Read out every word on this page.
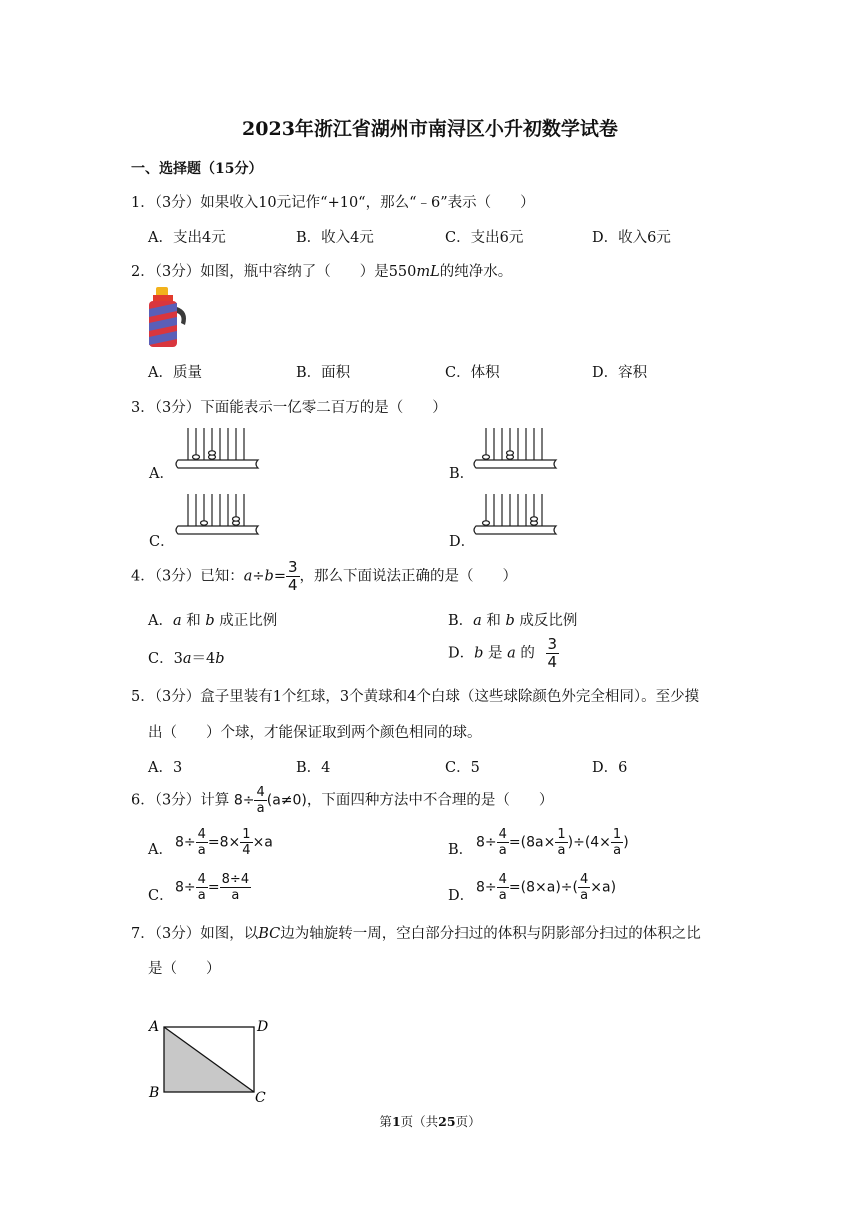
2023年浙江省湖州市南浔区小升初数学试卷
一、选择题（15分）
1．（3分）如果收入10元记作“+10“，那么“﹣6”表示（　　）
A．支出4元	B．收入4元	C．支出6元	D．收入6元
2．（3分）如图，瓶中容纳了（　　）是550mL的纯净水。
A．质量	B．面积	C．体积	D．容积
3．（3分）下面能表示一亿零二百万的是（　　）
A．	B．
C．	D．
4．（3分）已知：$a\div b= \frac{3}{4}$ ，那么下面说法正确的是（　　）
A．a 和 b 成正比例	B．a 和 b 成反比例
C．3a＝4b	D．b 是 a 的 $\frac{3}{4}$
5．（3分）盒子里装有1个红球，3个黄球和4个白球（这些球除颜色外完全相同）。至少摸
出（　　）个球，才能保证取到两个颜色相同的球。
A．3	B．4	C．5	D．6
6．（3分）计算 $8\div \frac{4}{a} (a\ne 0)$，下面四种方法中不合理的是（　　）
A． $8\div \frac{4}{a} =8\times \frac{1}{4} \times a$	B． $8\div \frac{4}{a} =(8a\times \frac{1}{a} )\div(4\times \frac{1}{a}$ )
C．
$8\div \frac{4}{a} = \frac{8\div 4}{a}$	D．
$8\div \frac{4}{a} =(8\times a)\div( \frac{4}{a} \times a)$
7．（3分）如图，以BC边为轴旋转一周，空白部分扫过的体积与阴影部分扫过的体积之比
是（　　）
A	D
B	C
第1页（共25页）
